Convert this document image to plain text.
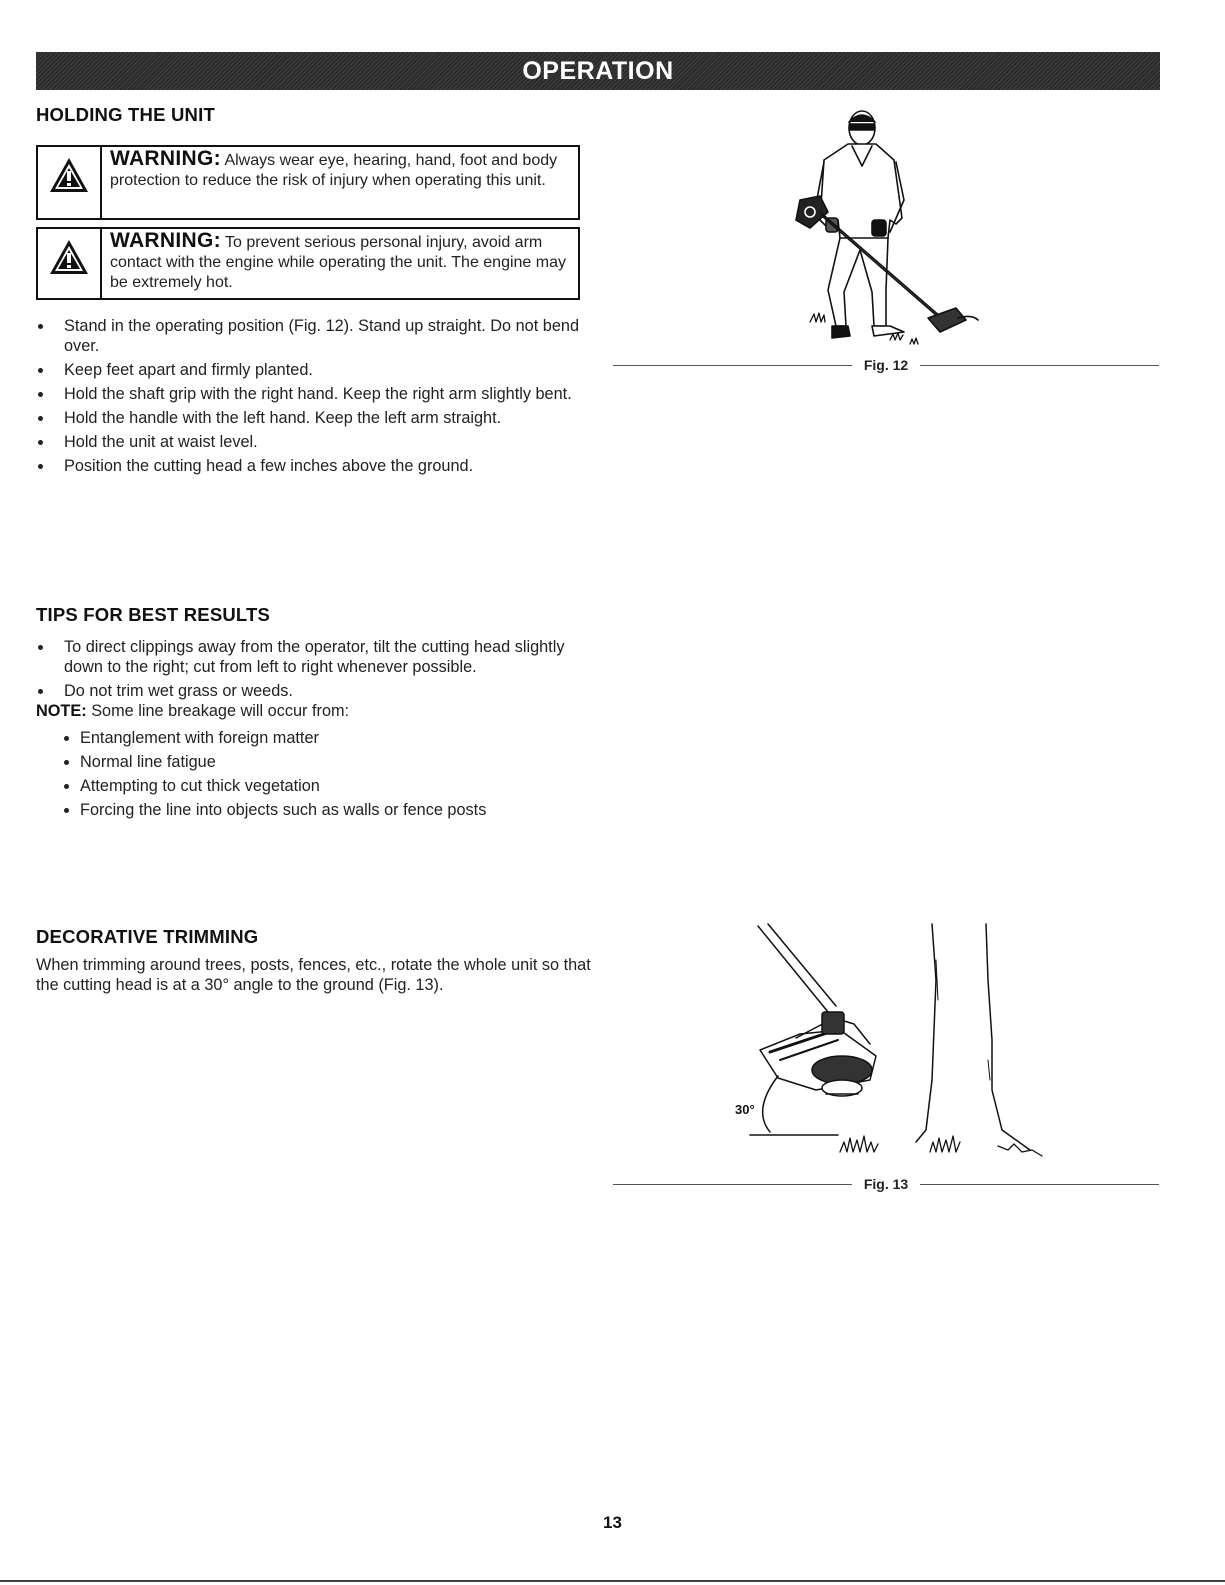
OPERATION
HOLDING THE UNIT
WARNING: Always wear eye, hearing, hand, foot and body protection to reduce the risk of injury when operating this unit.
WARNING: To prevent serious personal injury, avoid arm contact with the engine while operating the unit. The engine may be extremely hot.
Stand in the operating position (Fig. 12). Stand up straight. Do not bend over.
Keep feet apart and firmly planted.
Hold the shaft grip with the right hand. Keep the right arm slightly bent.
Hold the handle with the left hand. Keep the left arm straight.
Hold the unit at waist level.
Position the cutting head a few inches above the ground.
Fig. 12
TIPS FOR BEST RESULTS
To direct clippings away from the operator, tilt the cutting head slightly down to the right; cut from left to right whenever possible.
Do not trim wet grass or weeds.

NOTE: Some line breakage will occur from:

Entanglement with foreign matter
Normal line fatigue
Attempting to cut thick vegetation
Forcing the line into objects such as walls or fence posts
DECORATIVE TRIMMING

When trimming around trees, posts, fences, etc., rotate the whole unit so that the cutting head is at a 30° angle to the ground (Fig. 13).

30°
Fig. 13
13
